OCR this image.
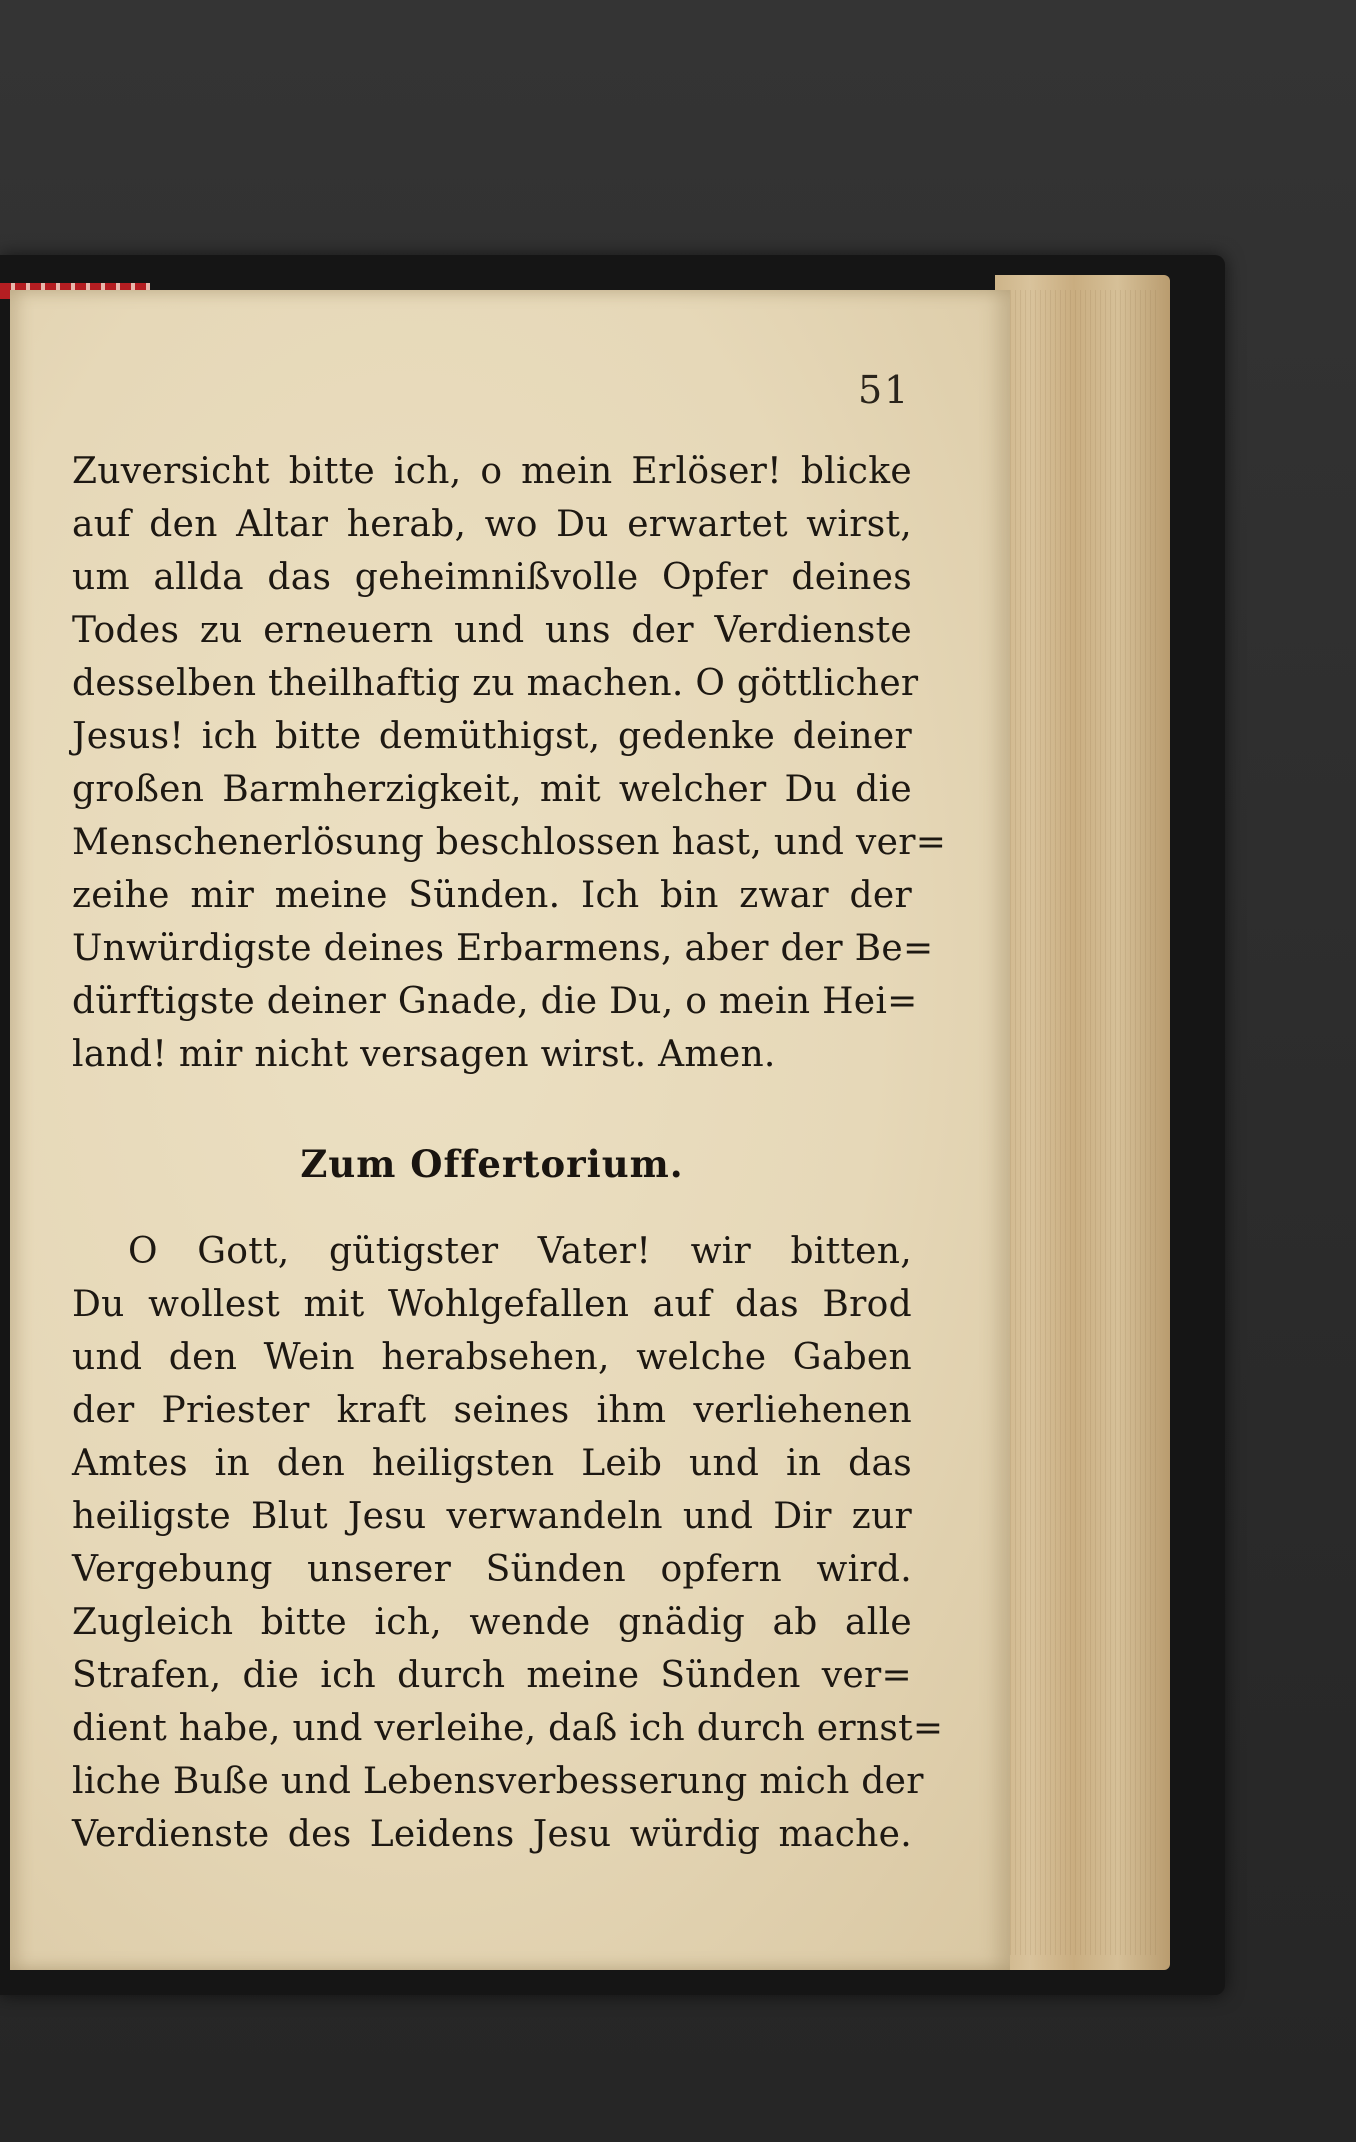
51
Zuversicht bitte ich, o mein Erlöser! blicke
auf den Altar herab, wo Du erwartet wirst,
um allda das geheimnißvolle Opfer deines
Todes zu erneuern und uns der Verdienste
desselben theilhaftig zu machen. O göttlicher
Jesus! ich bitte demüthigst, gedenke deiner
großen Barmherzigkeit, mit welcher Du die
Menschenerlösung beschlossen hast, und ver=
zeihe mir meine Sünden. Ich bin zwar der
Unwürdigste deines Erbarmens, aber der Be=
dürftigste deiner Gnade, die Du, o mein Hei=
land! mir nicht versagen wirst. Amen.
Zum Offertorium.
O Gott, gütigster Vater! wir bitten,
Du wollest mit Wohlgefallen auf das Brod
und den Wein herabsehen, welche Gaben
der Priester kraft seines ihm verliehenen
Amtes in den heiligsten Leib und in das
heiligste Blut Jesu verwandeln und Dir zur
Vergebung unserer Sünden opfern wird.
Zugleich bitte ich, wende gnädig ab alle
Strafen, die ich durch meine Sünden ver=
dient habe, und verleihe, daß ich durch ernst=
liche Buße und Lebensverbesserung mich der
Verdienste des Leidens Jesu würdig mache.
